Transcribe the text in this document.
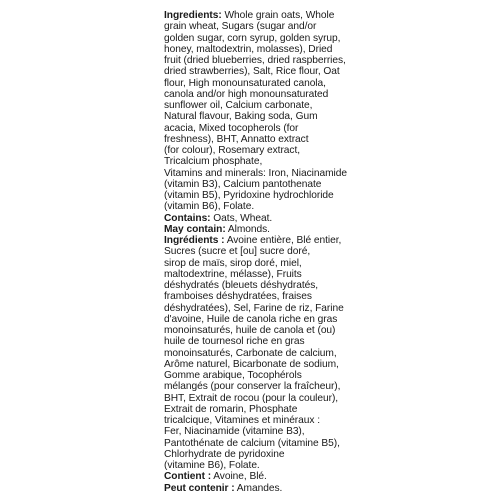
Ingredients: Whole grain oats, Whole
grain wheat, Sugars (sugar and/or
golden sugar, corn syrup, golden syrup,
honey, maltodextrin, molasses), Dried
fruit (dried blueberries, dried raspberries,
dried strawberries), Salt, Rice flour, Oat
flour, High monounsaturated canola,
canola and/or high monounsaturated
sunflower oil, Calcium carbonate,
Natural flavour, Baking soda, Gum
acacia, Mixed tocopherols (for
freshness), BHT, Annatto extract
(for colour), Rosemary extract,
Tricalcium phosphate,
Vitamins and minerals: Iron, Niacinamide
(vitamin B3), Calcium pantothenate
(vitamin B5), Pyridoxine hydrochloride
(vitamin B6), Folate.
Contains: Oats, Wheat.
May contain: Almonds.
Ingrédients : Avoine entière, Blé entier,
Sucres (sucre et [ou] sucre doré,
sirop de maïs, sirop doré, miel,
maltodextrine, mélasse), Fruits
déshydratés (bleuets déshydratés,
framboises déshydratées, fraises
déshydratées), Sel, Farine de riz, Farine
d'avoine, Huile de canola riche en gras
monoinsaturés, huile de canola et (ou)
huile de tournesol riche en gras
monoinsaturés, Carbonate de calcium,
Arôme naturel, Bicarbonate de sodium,
Gomme arabique, Tocophérols
mélangés (pour conserver la fraîcheur),
BHT, Extrait de rocou (pour la couleur),
Extrait de romarin, Phosphate
tricalcique, Vitamines et minéraux :
Fer, Niacinamide (vitamine B3),
Pantothénate de calcium (vitamine B5),
Chlorhydrate de pyridoxine
(vitamine B6), Folate.
Contient : Avoine, Blé.
Peut contenir : Amandes.
